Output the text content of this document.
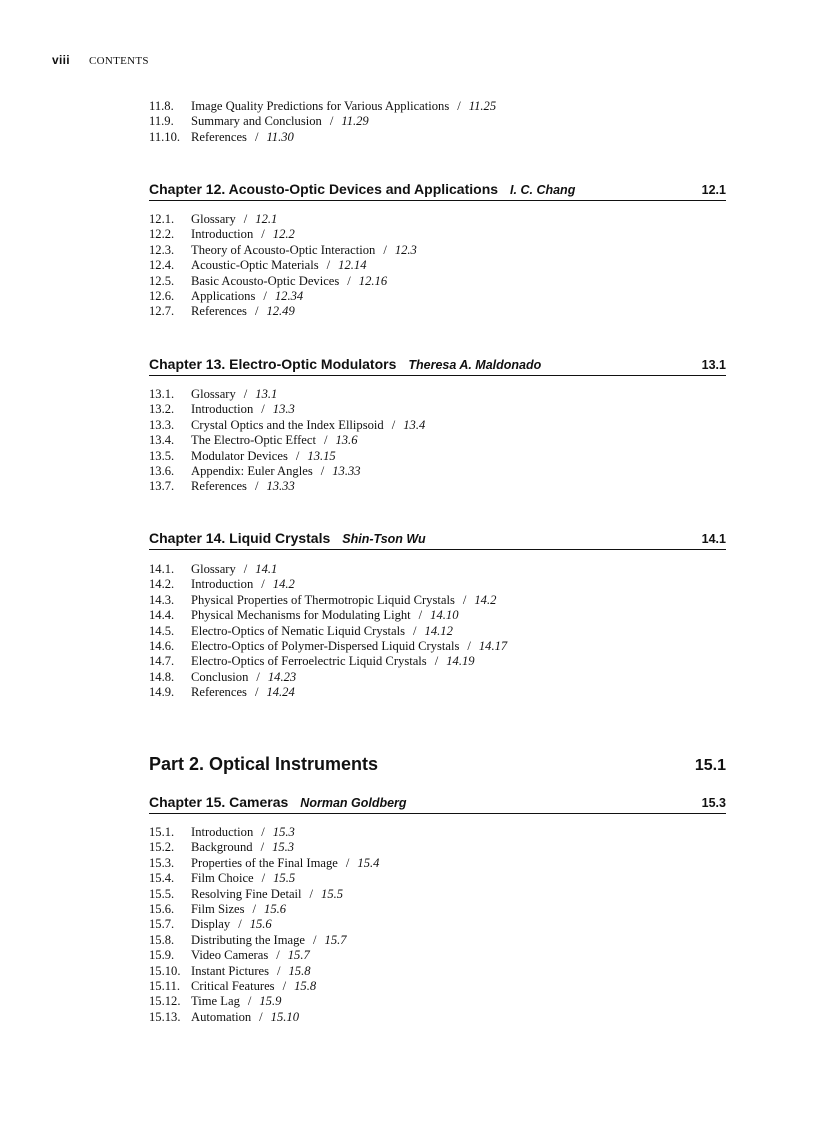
viii CONTENTS
11.8.	Image Quality Predictions for Various Applications / 11.25
11.9.	Summary and Conclusion / 11.29
11.10. References / 11.30
Chapter 12. Acousto-Optic Devices and Applications I. C. Chang	12.1
12.1.	Glossary / 12.1
12.2.	Introduction / 12.2
12.3.	Theory of Acousto-Optic Interaction / 12.3
12.4.	Acoustic-Optic Materials / 12.14
12.5.	Basic Acousto-Optic Devices / 12.16
12.6.	Applications / 12.34
12.7.	References / 12.49
Chapter 13. Electro-Optic Modulators Theresa A. Maldonado	13.1
13.1.	Glossary / 13.1
13.2.	Introduction / 13.3
13.3.	Crystal Optics and the Index Ellipsoid / 13.4
13.4.	The Electro-Optic Effect / 13.6
13.5.	Modulator Devices / 13.15
13.6.	Appendix: Euler Angles / 13.33
13.7.	References / 13.33
Chapter 14. Liquid Crystals Shin-Tson Wu	14.1
14.1.	Glossary / 14.1
14.2.	Introduction / 14.2
14.3.	Physical Properties of Thermotropic Liquid Crystals / 14.2
14.4.	Physical Mechanisms for Modulating Light / 14.10
14.5.	Electro-Optics of Nematic Liquid Crystals / 14.12
14.6.	Electro-Optics of Polymer-Dispersed Liquid Crystals / 14.17
14.7.	Electro-Optics of Ferroelectric Liquid Crystals / 14.19
14.8.	Conclusion / 14.23
14.9.	References / 14.24
Part 2. Optical Instruments	15.1
Chapter 15. Cameras Norman Goldberg	15.3
15.1.	Introduction / 15.3
15.2.	Background / 15.3
15.3.	Properties of the Final Image / 15.4
15.4.	Film Choice / 15.5
15.5.	Resolving Fine Detail / 15.5
15.6.	Film Sizes / 15.6
15.7.	Display / 15.6
15.8.	Distributing the Image / 15.7
15.9.	Video Cameras / 15.7
15.10. Instant Pictures / 15.8
15.11. Critical Features / 15.8
15.12. Time Lag / 15.9
15.13. Automation / 15.10
